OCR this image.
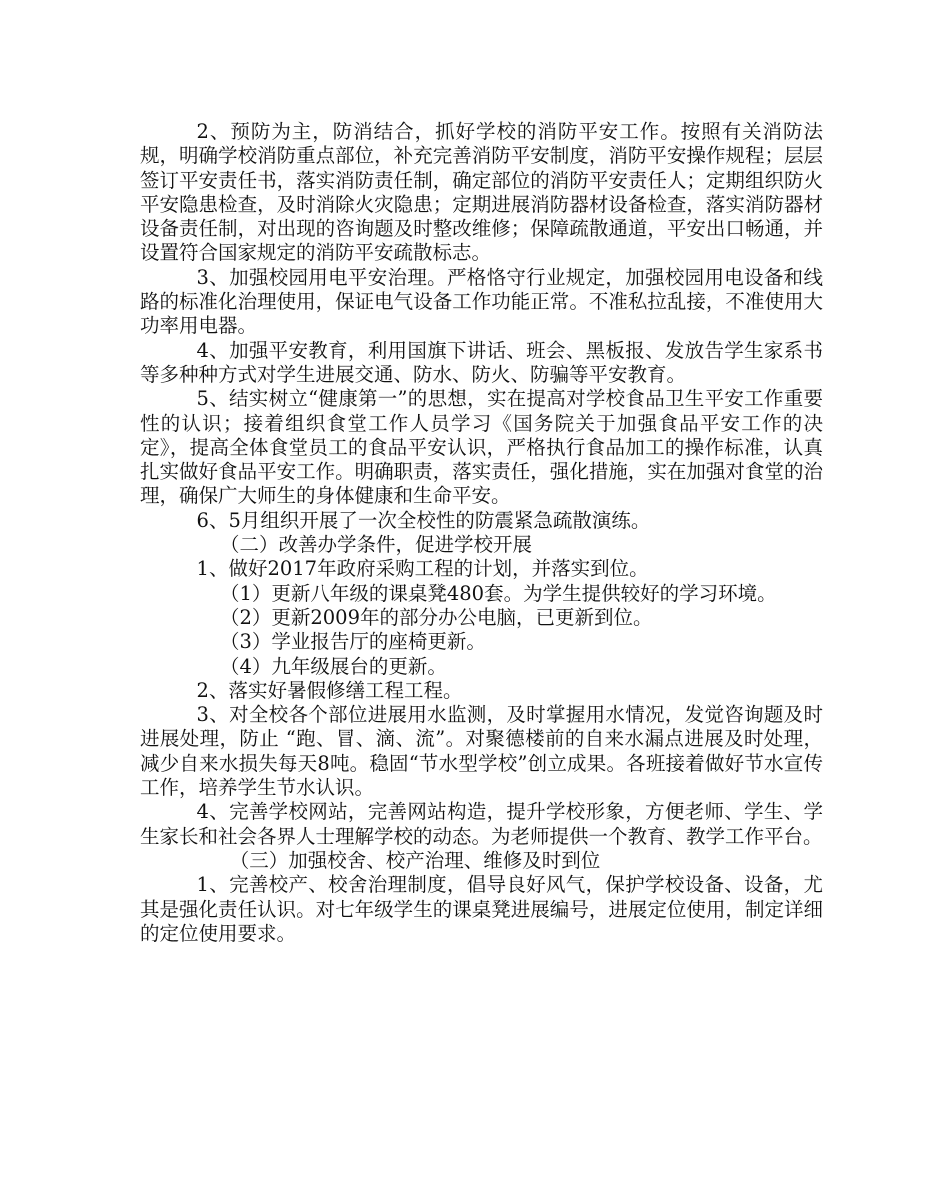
2、预防为主，防消结合，抓好学校的消防平安工作。按照有关消防法规，明确学校消防重点部位，补充完善消防平安制度，消防平安操作规程；层层签订平安责任书，落实消防责任制，确定部位的消防平安责任人；定期组织防火平安隐患检查，及时消除火灾隐患；定期进展消防器材设备检查，落实消防器材设备责任制，对出现的咨询题及时整改维修；保障疏散通道，平安出口畅通，并设置符合国家规定的消防平安疏散标志。

3、加强校园用电平安治理。严格恪守行业规定，加强校园用电设备和线路的标准化治理使用，保证电气设备工作功能正常。不准私拉乱接，不准使用大功率用电器。

4、加强平安教育，利用国旗下讲话、班会、黑板报、发放告学生家系书等多种种方式对学生进展交通、防水、防火、防骗等平安教育。

5、结实树立“健康第一”的思想，实在提高对学校食品卫生平安工作重要性的认识；接着组织食堂工作人员学习《国务院关于加强食品平安工作的决定》，提高全体食堂员工的食品平安认识，严格执行食品加工的操作标准，认真扎实做好食品平安工作。明确职责，落实责任，强化措施，实在加强对食堂的治理，确保广大师生的身体健康和生命平安。

6、5月组织开展了一次全校性的防震紧急疏散演练。

（二）改善办学条件，促进学校开展

1、做好2017年政府采购工程的计划，并落实到位。

（1）更新八年级的课桌凳480套。为学生提供较好的学习环境。

（2）更新2009年的部分办公电脑，已更新到位。

（3）学业报告厅的座椅更新。

（4）九年级展台的更新。

2、落实好暑假修缮工程工程。

3、对全校各个部位进展用水监测，及时掌握用水情况，发觉咨询题及时进展处理，防止 “跑、冒、滴、流”。对聚德楼前的自来水漏点进展及时处理，减少自来水损失每天8吨。稳固“节水型学校”创立成果。各班接着做好节水宣传工作，培养学生节水认识。

4、完善学校网站，完善网站构造，提升学校形象，方便老师、学生、学生家长和社会各界人士理解学校的动态。为老师提供一个教育、教学工作平台。

（三）加强校舍、校产治理、维修及时到位

1、完善校产、校舍治理制度，倡导良好风气，保护学校设备、设备，尤其是强化责任认识。对七年级学生的课桌凳进展编号，进展定位使用，制定详细的定位使用要求。
